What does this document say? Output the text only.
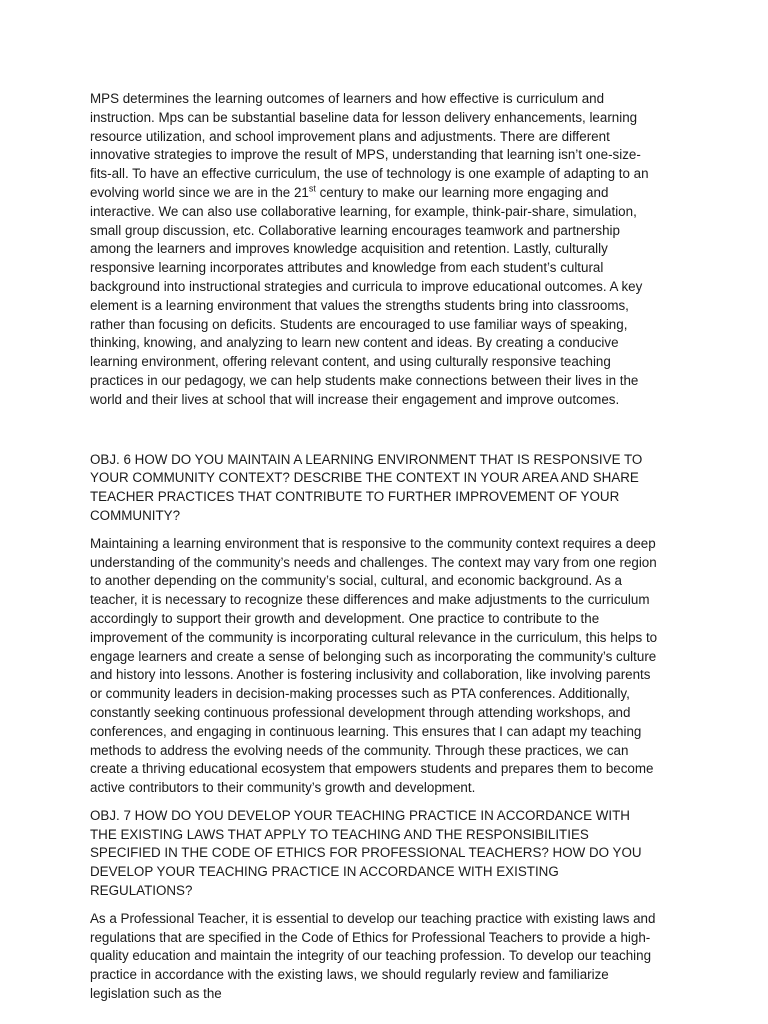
MPS determines the learning outcomes of learners and how effective is curriculum and instruction. Mps can be substantial baseline data for lesson delivery enhancements, learning resource utilization, and school improvement plans and adjustments. There are different innovative strategies to improve the result of MPS, understanding that learning isn’t one-size-fits-all. To have an effective curriculum, the use of technology is one example of adapting to an evolving world since we are in the 21st century to make our learning more engaging and interactive. We can also use collaborative learning, for example, think-pair-share, simulation, small group discussion, etc. Collaborative learning encourages teamwork and partnership among the learners and improves knowledge acquisition and retention. Lastly, culturally responsive learning incorporates attributes and knowledge from each student’s cultural background into instructional strategies and curricula to improve educational outcomes. A key element is a learning environment that values the strengths students bring into classrooms, rather than focusing on deficits. Students are encouraged to use familiar ways of speaking, thinking, knowing, and analyzing to learn new content and ideas. By creating a conducive learning environment, offering relevant content, and using culturally responsive teaching practices in our pedagogy, we can help students make connections between their lives in the world and their lives at school that will increase their engagement and improve outcomes.

OBJ. 6 HOW DO YOU MAINTAIN A LEARNING ENVIRONMENT THAT IS RESPONSIVE TO YOUR COMMUNITY CONTEXT? DESCRIBE THE CONTEXT IN YOUR AREA AND SHARE TEACHER PRACTICES THAT CONTRIBUTE TO FURTHER IMPROVEMENT OF YOUR COMMUNITY?

Maintaining a learning environment that is responsive to the community context requires a deep understanding of the community’s needs and challenges. The context may vary from one region to another depending on the community’s social, cultural, and economic background. As a teacher, it is necessary to recognize these differences and make adjustments to the curriculum accordingly to support their growth and development. One practice to contribute to the improvement of the community is incorporating cultural relevance in the curriculum, this helps to engage learners and create a sense of belonging such as incorporating the community’s culture and history into lessons. Another is fostering inclusivity and collaboration, like involving parents or community leaders in decision-making processes such as PTA conferences. Additionally, constantly seeking continuous professional development through attending workshops, and conferences, and engaging in continuous learning. This ensures that I can adapt my teaching methods to address the evolving needs of the community. Through these practices, we can create a thriving educational ecosystem that empowers students and prepares them to become active contributors to their community’s growth and development.

OBJ. 7 HOW DO YOU DEVELOP YOUR TEACHING PRACTICE IN ACCORDANCE WITH THE EXISTING LAWS THAT APPLY TO TEACHING AND THE RESPONSIBILITIES SPECIFIED IN THE CODE OF ETHICS FOR PROFESSIONAL TEACHERS? HOW DO YOU DEVELOP YOUR TEACHING PRACTICE IN ACCORDANCE WITH EXISTING REGULATIONS?

As a Professional Teacher, it is essential to develop our teaching practice with existing laws and regulations that are specified in the Code of Ethics for Professional Teachers to provide a high-quality education and maintain the integrity of our teaching profession. To develop our teaching practice in accordance with the existing laws, we should regularly review and familiarize legislation such as the
